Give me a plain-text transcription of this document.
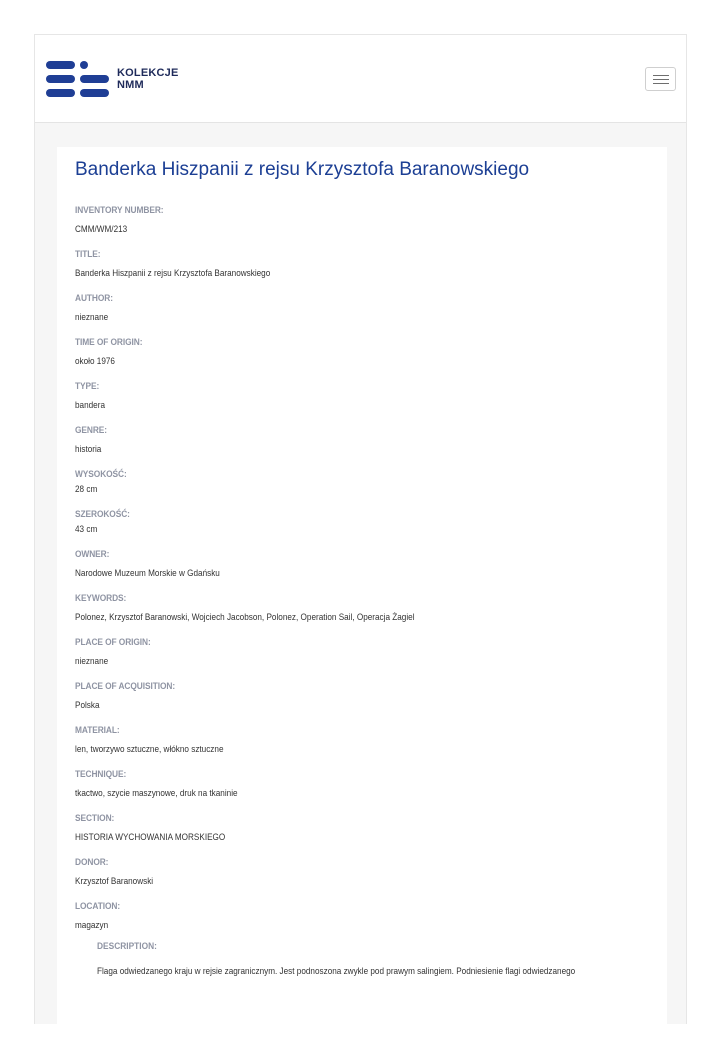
KOLEKCJE
NMM
Banderka Hiszpanii z rejsu Krzysztofa Baranowskiego
INVENTORY NUMBER:
CMM/WM/213
TITLE:
Banderka Hiszpanii z rejsu Krzysztofa Baranowskiego
AUTHOR:
nieznane
TIME OF ORIGIN:
około 1976
TYPE:
bandera
GENRE:
historia
WYSOKOŚĆ:
28 cm
SZEROKOŚĆ:
43 cm
OWNER:
Narodowe Muzeum Morskie w Gdańsku
KEYWORDS:
Polonez, Krzysztof Baranowski, Wojciech Jacobson, Polonez, Operation Sail, Operacja Żagiel
PLACE OF ORIGIN:
nieznane
PLACE OF ACQUISITION:
Polska
MATERIAL:
len, tworzywo sztuczne, włókno sztuczne
TECHNIQUE:
tkactwo, szycie maszynowe, druk na tkaninie
SECTION:
HISTORIA WYCHOWANIA MORSKIEGO
DONOR:
Krzysztof Baranowski
LOCATION:
magazyn
DESCRIPTION:
Flaga odwiedzanego kraju w rejsie zagranicznym. Jest podnoszona zwykle pod prawym salingiem. Podniesienie flagi odwiedzanego
